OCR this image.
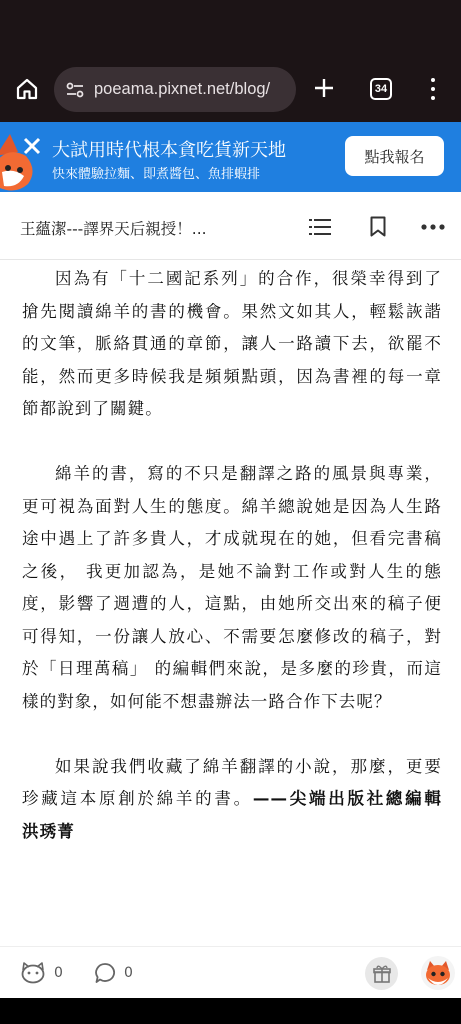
poeama.pixnet.net/blog/	34
大試用時代根本貪吃貨新天地
快來體驗拉麵、即煮醬包、魚排蝦排
點我報名
王蘊潔---譯界天后親授！...

因為有「十二國記系列」的合作，很榮幸得到了搶先閱讀綿羊的書的機會。果然文如其人，輕鬆詼諧的文筆，脈絡貫通的章節，讓人一路讀下去，欲罷不能，然而更多時候我是頻頻點頭，因為書裡的每一章節都說到了關鍵。

綿羊的書，寫的不只是翻譯之路的風景與專業，更可視為面對人生的態度。綿羊總說她是因為人生路途中遇上了許多貴人，才成就現在的她，但看完書稿之後， 我更加認為，是她不論對工作或對人生的態度，影響了週遭的人，這點，由她所交出來的稿子便可得知，一份讓人放心、不需要怎麼修改的稿子，對於「日理萬稿」 的編輯們來說，是多麼的珍貴，而這樣的對象，如何能不想盡辦法一路合作下去呢？

如果說我們收藏了綿羊翻譯的小說，那麼，更要珍藏這本原創於綿羊的書。——尖端出版社總編輯　洪琇菁

0	0
